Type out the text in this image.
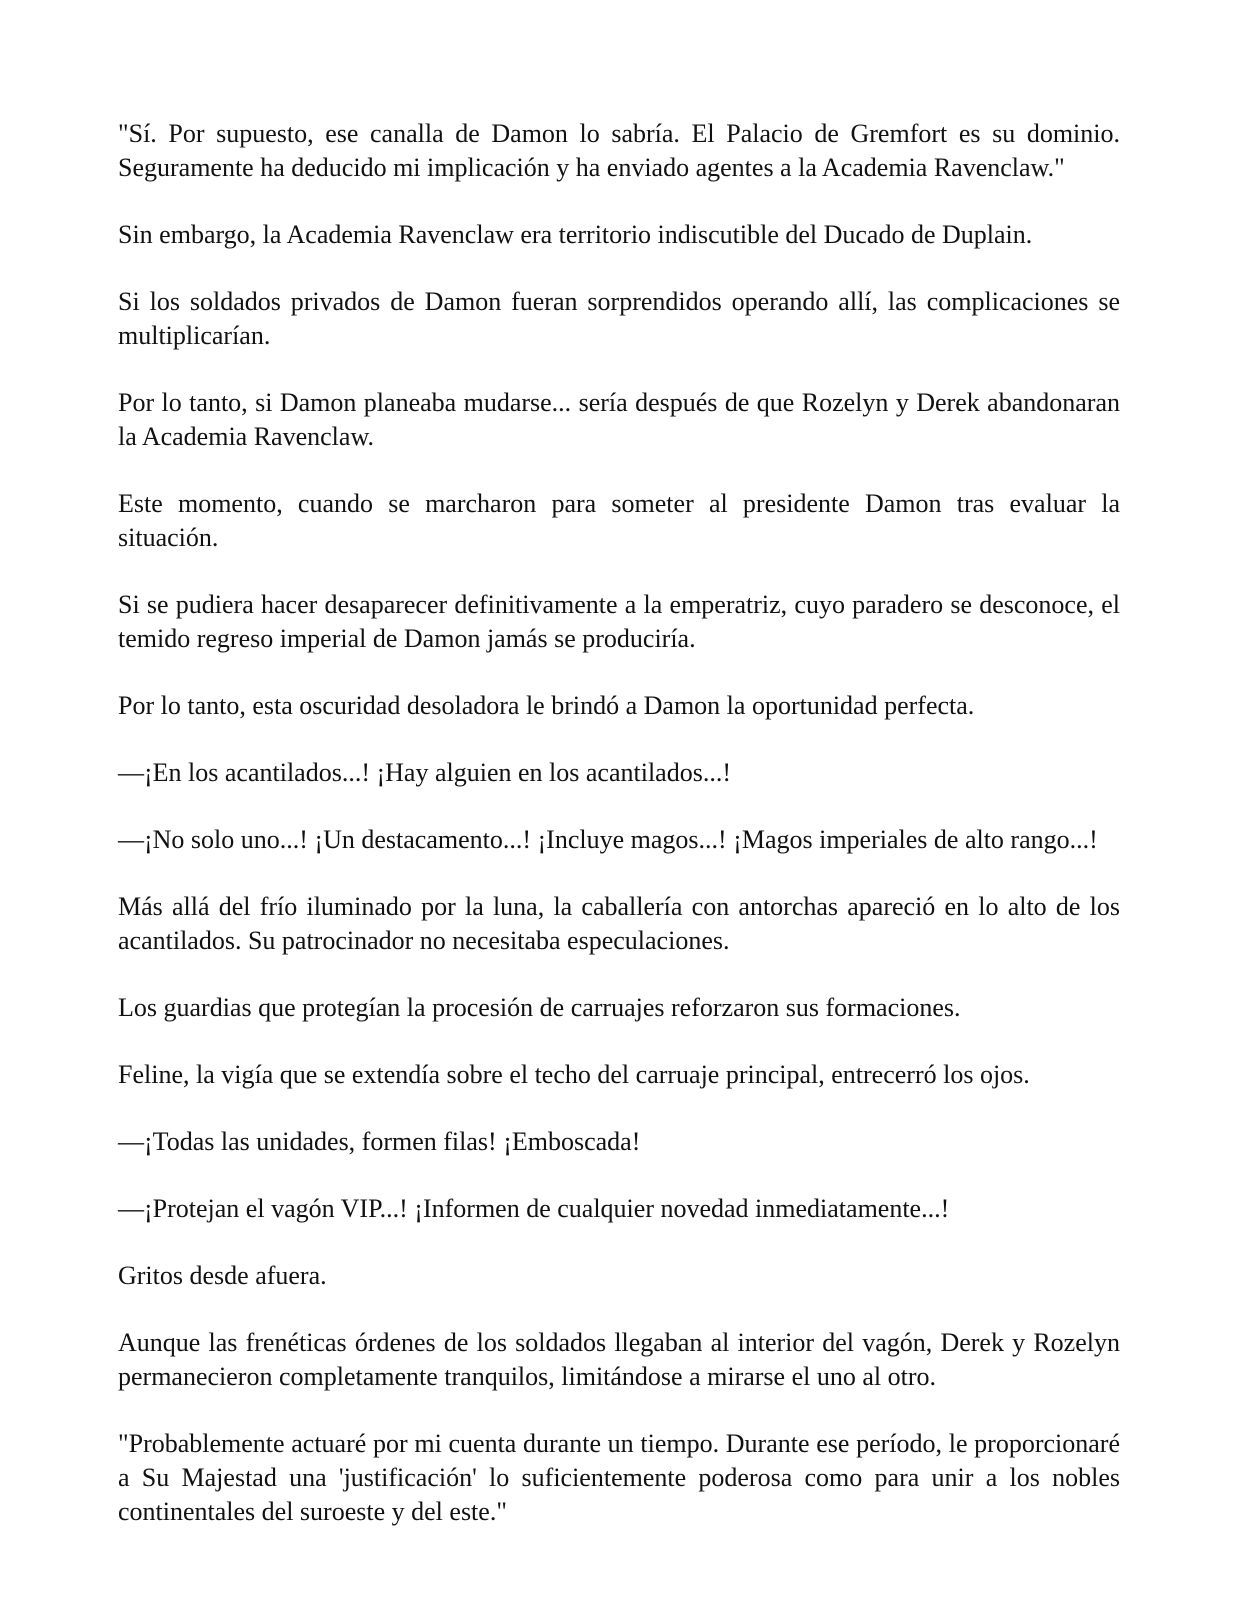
"Sí. Por supuesto, ese canalla de Damon lo sabría. El Palacio de Gremfort es su dominio. Seguramente ha deducido mi implicación y ha enviado agentes a la Academia Ravenclaw."

Sin embargo, la Academia Ravenclaw era territorio indiscutible del Ducado de Duplain.

Si los soldados privados de Damon fueran sorprendidos operando allí, las complicaciones se multiplicarían.

Por lo tanto, si Damon planeaba mudarse... sería después de que Rozelyn y Derek abandonaran la Academia Ravenclaw.

Este momento, cuando se marcharon para someter al presidente Damon tras evaluar la situación.

Si se pudiera hacer desaparecer definitivamente a la emperatriz, cuyo paradero se desconoce, el temido regreso imperial de Damon jamás se produciría.

Por lo tanto, esta oscuridad desoladora le brindó a Damon la oportunidad perfecta.

—¡En los acantilados...! ¡Hay alguien en los acantilados...!

—¡No solo uno...! ¡Un destacamento...! ¡Incluye magos...! ¡Magos imperiales de alto rango...!

Más allá del frío iluminado por la luna, la caballería con antorchas apareció en lo alto de los acantilados. Su patrocinador no necesitaba especulaciones.

Los guardias que protegían la procesión de carruajes reforzaron sus formaciones.

Feline, la vigía que se extendía sobre el techo del carruaje principal, entrecerró los ojos.

—¡Todas las unidades, formen filas! ¡Emboscada!

—¡Protejan el vagón VIP...! ¡Informen de cualquier novedad inmediatamente...!

Gritos desde afuera.

Aunque las frenéticas órdenes de los soldados llegaban al interior del vagón, Derek y Rozelyn permanecieron completamente tranquilos, limitándose a mirarse el uno al otro.

"Probablemente actuaré por mi cuenta durante un tiempo. Durante ese período, le proporcionaré a Su Majestad una 'justificación' lo suficientemente poderosa como para unir a los nobles continentales del suroeste y del este."
